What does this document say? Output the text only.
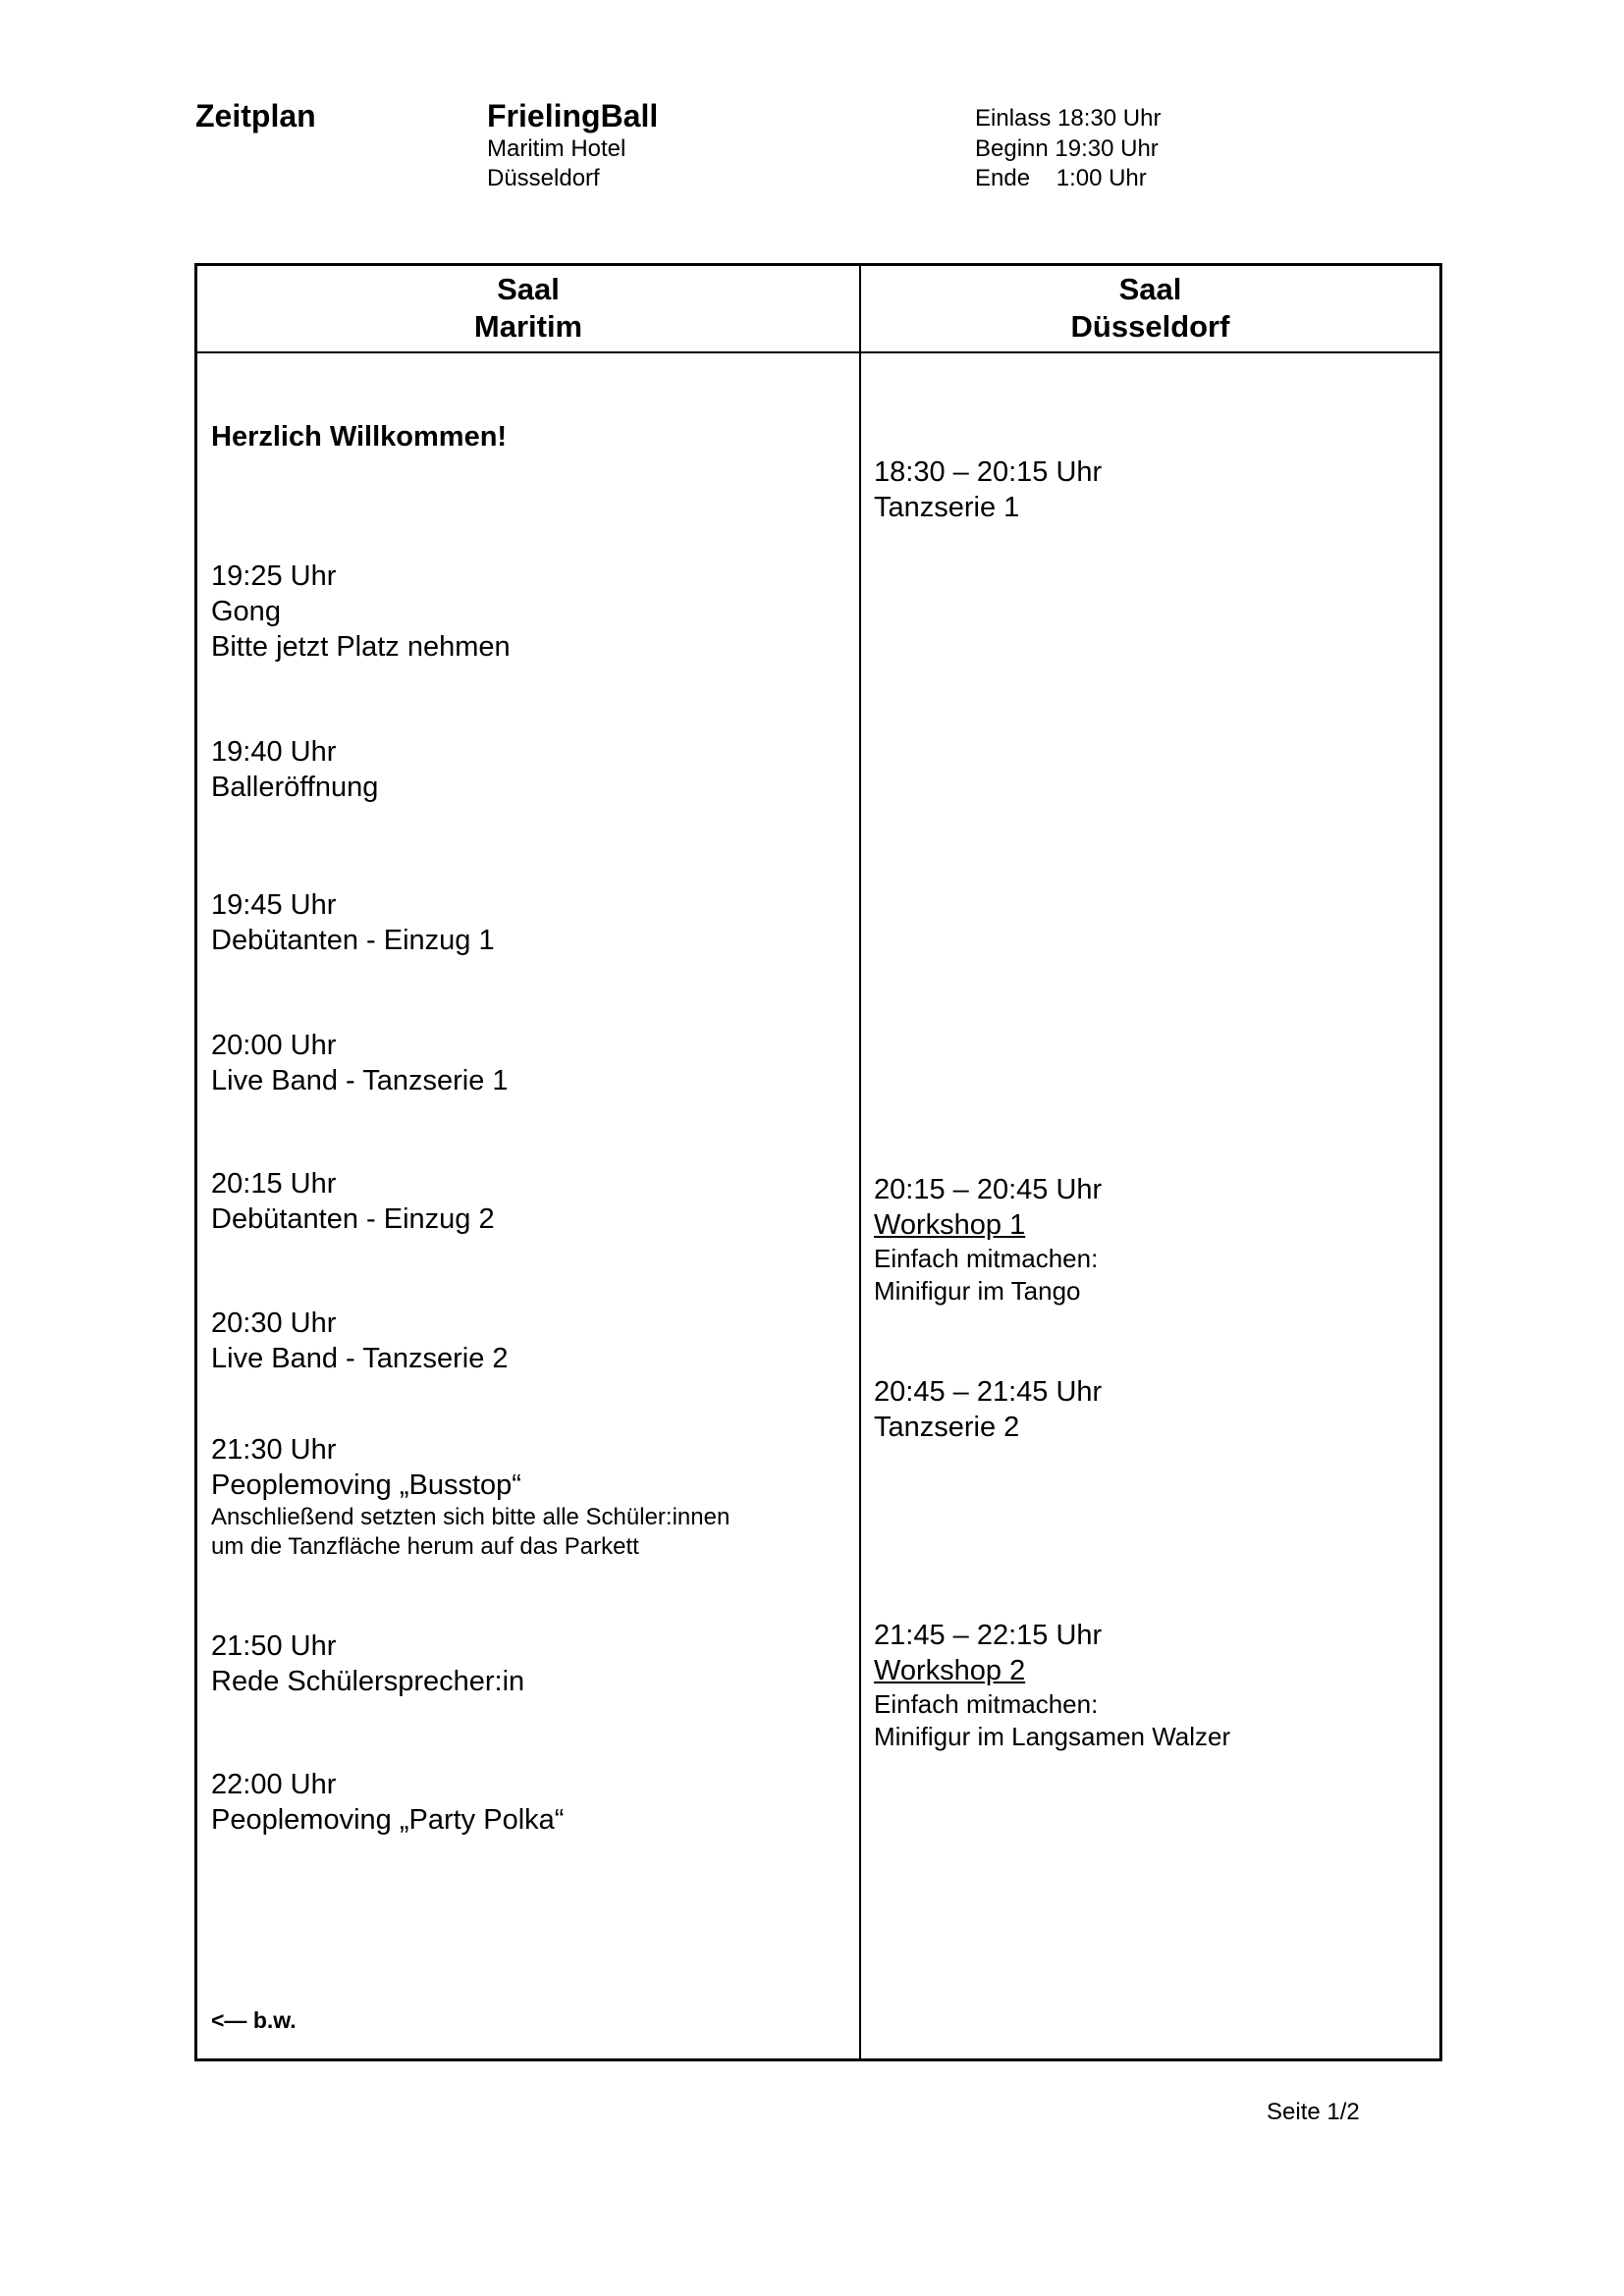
Zeitplan	FrielingBall
Maritim Hotel
Düsseldorf
Einlass 18:30 Uhr
Beginn 19:30 Uhr
Ende    1:00 Uhr
Saal
Maritim
Saal
Düsseldorf
Herzlich Willkommen!
19:25 Uhr
Gong
Bitte jetzt Platz nehmen
19:40 Uhr
Balleröffnung
19:45 Uhr
Debütanten - Einzug 1
20:00 Uhr
Live Band - Tanzserie 1
20:15 Uhr
Debütanten - Einzug 2
20:30 Uhr
Live Band - Tanzserie 2
21:30 Uhr
Peoplemoving „Busstop“
Anschließend setzten sich bitte alle Schüler:innen
um die Tanzfläche herum auf das Parkett
21:50 Uhr
Rede Schülersprecher:in
22:00 Uhr
Peoplemoving „Party Polka“
<— b.w.
18:30 – 20:15 Uhr
Tanzserie 1
20:15 – 20:45 Uhr
Workshop 1
Einfach mitmachen:
Minifigur im Tango
20:45 – 21:45 Uhr
Tanzserie 2
21:45 – 22:15 Uhr
Workshop 2
Einfach mitmachen:
Minifigur im Langsamen Walzer
Seite 1/2
